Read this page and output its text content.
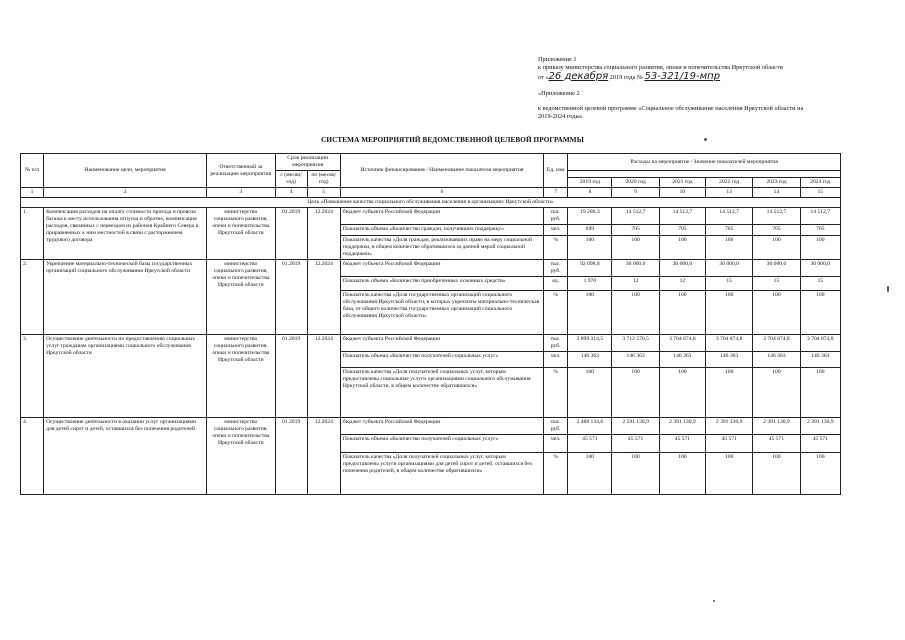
Приложение 1
к приказу министерства социального развития, опеки и попечительства Иркутской области
от «26 декабря 2019 года № 53-321/19-мпр
«Приложение 2
к ведомственной целевой программе «Социальное обслуживание населения Иркутской области на
2019-2024 годы»
СИСТЕМА МЕРОПРИЯТИЙ ВЕДОМСТВЕННОЙ ЦЕЛЕВОЙ ПРОГРАММЫ
№ п/п	Наименование цели, мероприятия	Ответственный за реализацию мероприятия	Срок реализации мероприятия		Источник финансирования / Наименование показателя мероприятия	Ед. изм	Расходы на мероприятие / Значение показателей мероприятия					
			с (месяц/год)	по (месяц/год)								
							2019 год	2020 год	2021 год	2022 год	2023 год	2024 год
1	2	3	4	5	6	7	8	9	10	13	14	15
Цель «Повышение качества социального обслуживания населения в организациях Иркутской области»												
1.	Компенсация расходов на оплату стоимости проезда и провоза багажа к месту использования отпуска и обратно, компенсация расходов, связанных с переездом из районов Крайнего Севера и приравненных к ним местностей в связи с расторжением трудового договора	министерство социального развития, опеки и попечительства Иркутской области	01.2019	12.2024	бюджет субъекта Российской Федерации	тыс. руб.	19 286,3	14 512,7	14 512,7	14 512,7	14 512,7	14 512,7
					Показатель объема «Количество граждан, получивших поддержку»	чел.	699	705	705	705	705	705
					Показатель качества «Доля граждан, реализовавших право на меру социальной поддержки, в общем количестве обратившихся за данной мерой социальной поддержки»	%	100	100	100	100	100	100
2.	Укрепление материально-технической базы государственных организаций социального обслуживания Иркутской области	министерство социального развития, опеки и попечительства Иркутской области	01.2019	12.2024	бюджет субъекта Российской Федерации	тыс. руб.	92 098,8	30 000,0	30 000,0	30 000,0	30 000,0	30 000,0
					Показатель объема «Количество приобретенных основных средств»	ед.	1 970	12	12	15	15	15
					Показатель качества «Доля государственных организаций социального обслуживания Иркутской области, в которых укреплена материально-техническая база, от общего количества государственных организаций социального обслуживания Иркутской области»	%	100	100	100	100	100	100
3.	Осуществление деятельности по предоставлению социальных услуг гражданам организациями социального обслуживания Иркутской области	министерство социального развития, опеки и попечительства Иркутской области	01.2019	12.2024	бюджет субъекта Российской Федерации	тыс. руб.	3 899 314,5	3 712 570,5	3 704 874,8	3 704 874,8	3 704 874,8	3 704 874,8
					Показатель объема «Количество получателей социальных услуг»	чел.	146 363	146 363	146 363	146 363	146 363	146 363
					Показатель качества «Доля получателей социальных услуг, которым предоставлены социальные услуги организациями социального обслуживания Иркутской области, в общем количестве обратившихся»	%	100	100	100	100	100	100
4.	Осуществление деятельности в оказании услуг организациями для детей сирот и детей, оставшихся без попечения родителей	министерство социального развития, опеки и попечительства Иркутской области	01.2019	12.2024	бюджет субъекта Российской Федерации	тыс. руб.	2 488 134,6	2 591 130,9	2 391 130,9	2 391 130,9	2 391 130,9	2 391 130,9
					Показатель объема «Количество получателей социальных услуг»	чел.	45 571	45 571	45 571	45 571	45 571	45 571
					Показатель качества «Доля получателей социальных услуг, которым предоставлены услуги организациями для детей сирот и детей, оставшихся без попечения родителей, в общем количестве обратившихся»	%	100	100	100	100	100	100
